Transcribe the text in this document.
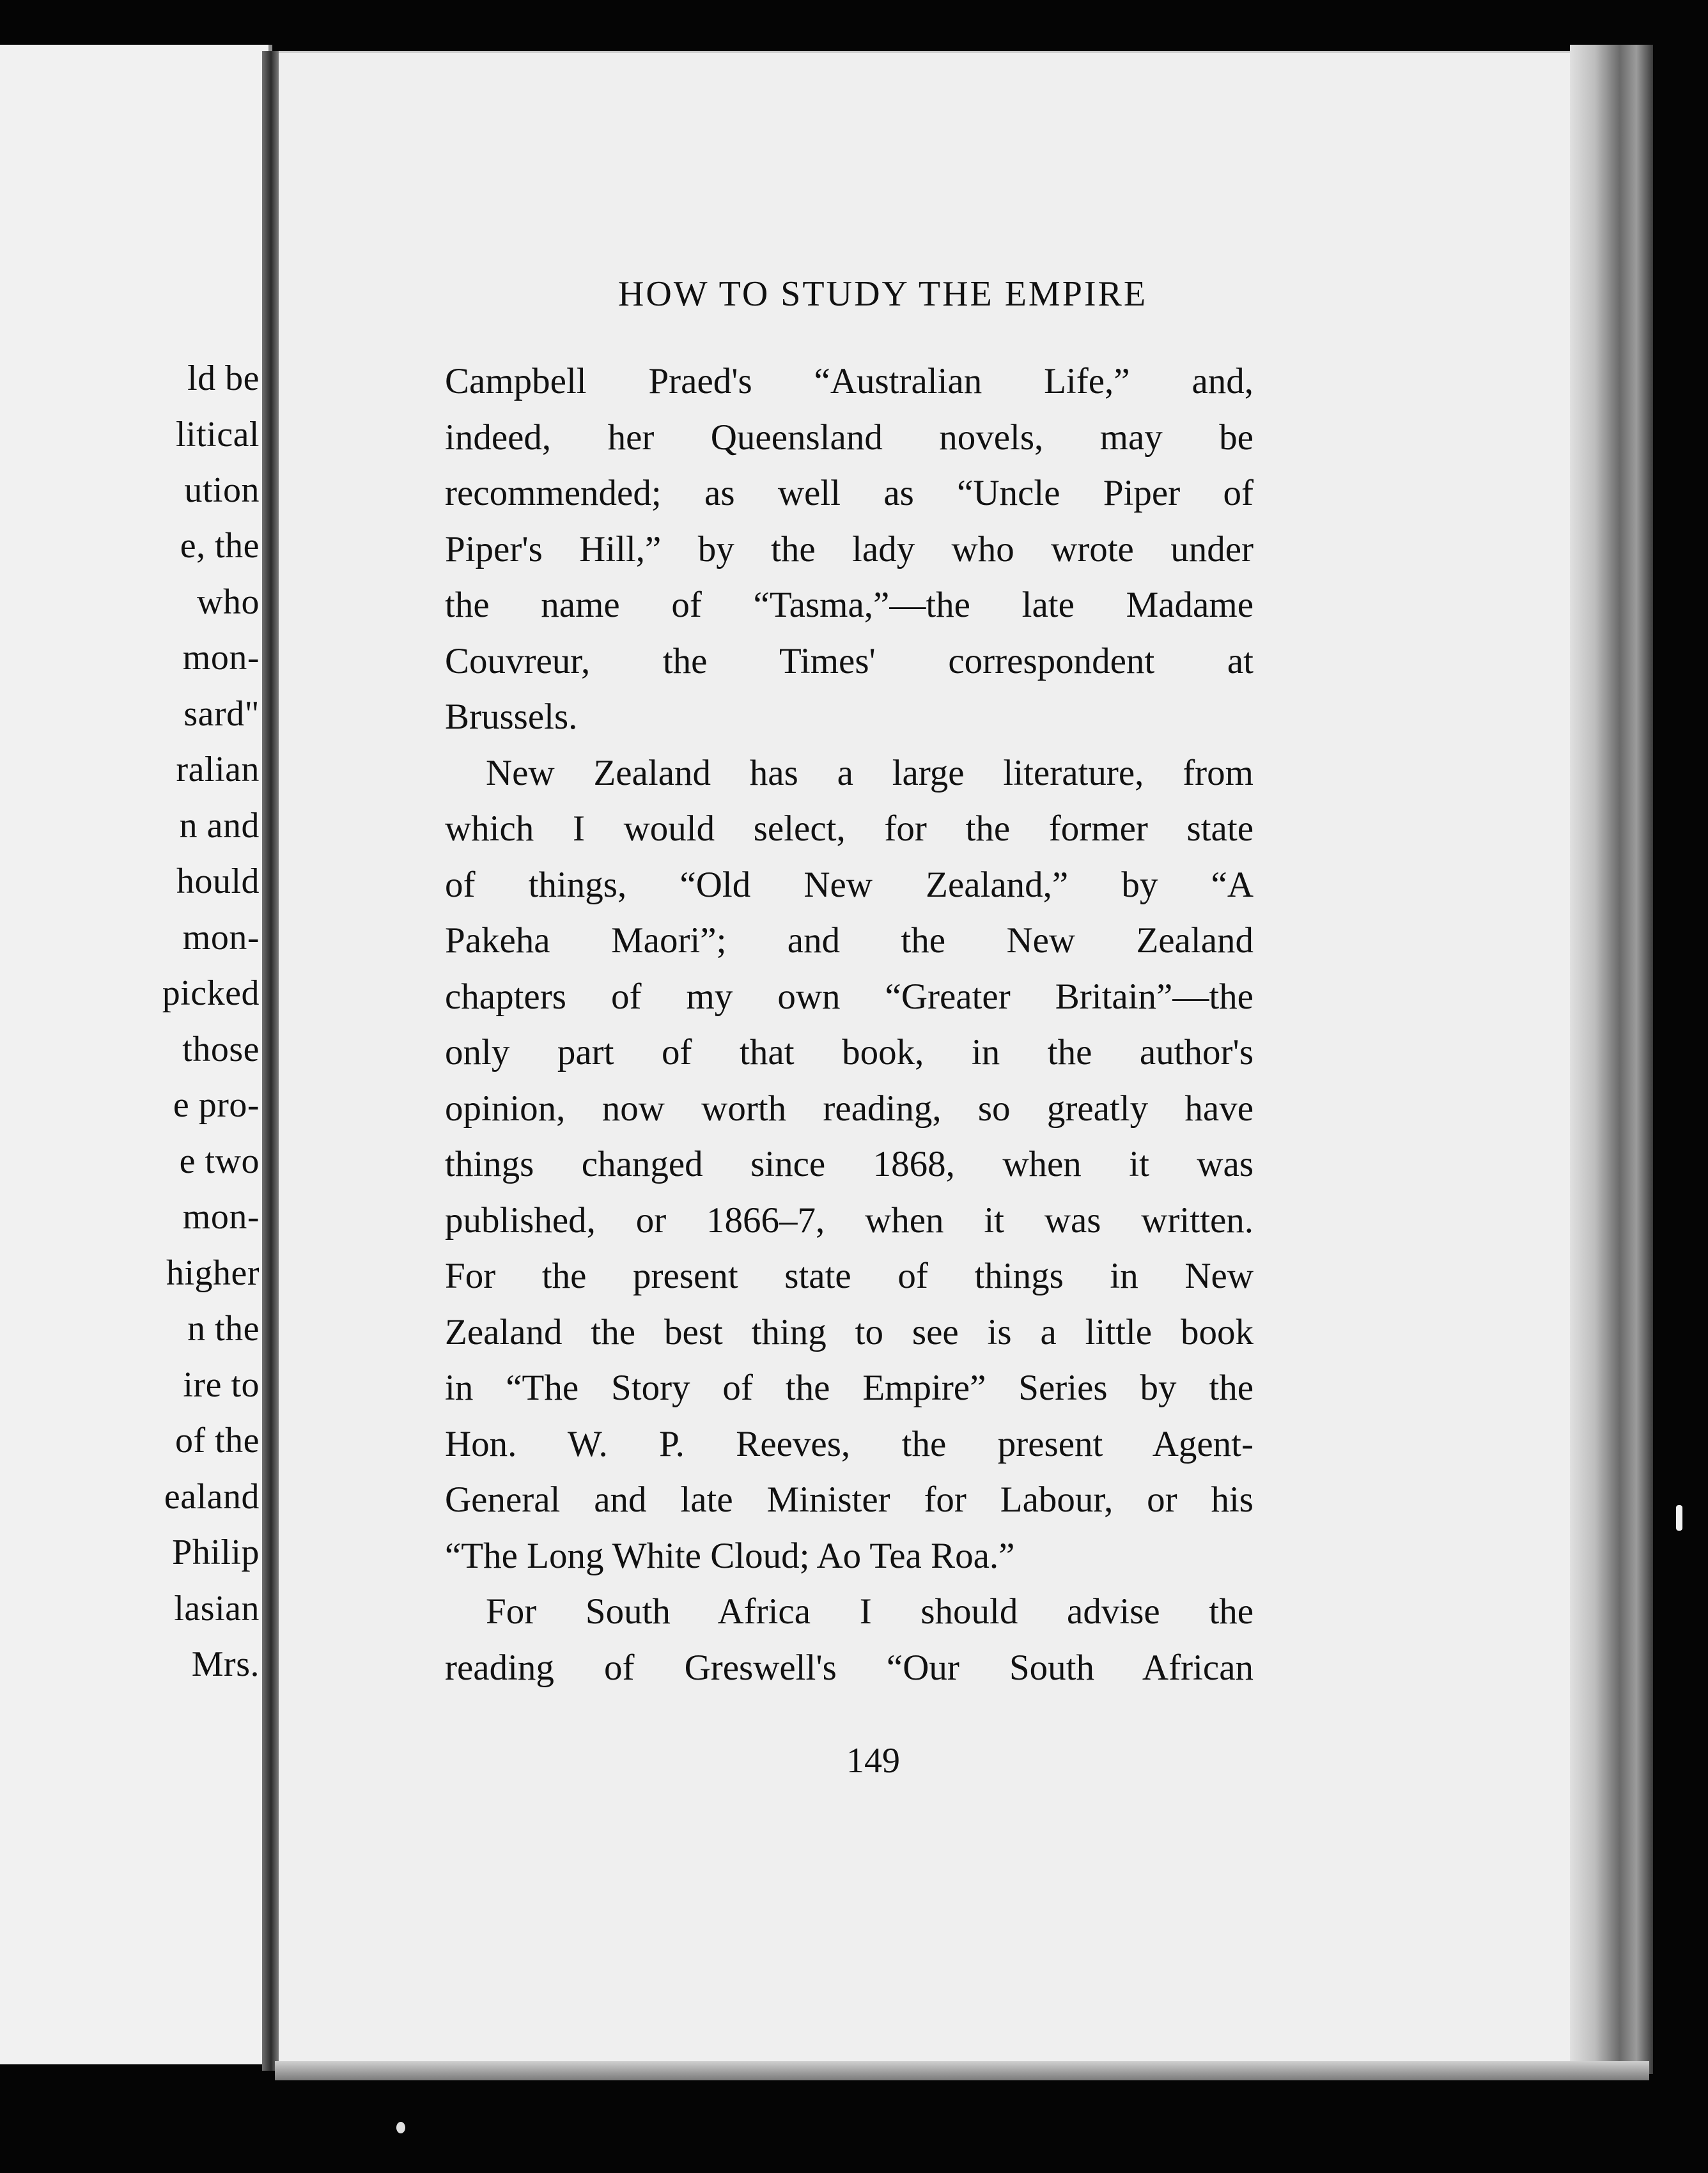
ld be
litical
ution
e, the
who
mon-
sard"
ralian
n and
hould
mon-
picked
those
e pro-
e two
mon-
higher
n the
ire to
of the
ealand
Philip
lasian
Mrs.
HOW TO STUDY THE EMPIRE
Campbell Praed's “Australian Life,” and,
indeed, her Queensland novels, may be
recommended; as well as “Uncle Piper of
Piper's Hill,” by the lady who wrote under
the name of “Tasma,”—the late Madame
Couvreur, the Times' correspondent at
Brussels.
New Zealand has a large literature, from
which I would select, for the former state
of things, “Old New Zealand,” by “A
Pakeha Maori”; and the New Zealand
chapters of my own “Greater Britain”—the
only part of that book, in the author's
opinion, now worth reading, so greatly have
things changed since 1868, when it was
published, or 1866–7, when it was written.
For the present state of things in New
Zealand the best thing to see is a little book
in “The Story of the Empire” Series by the
Hon. W. P. Reeves, the present Agent-
General and late Minister for Labour, or his
“The Long White Cloud; Ao Tea Roa.”
For South Africa I should advise the
reading of Greswell's “Our South African
149
